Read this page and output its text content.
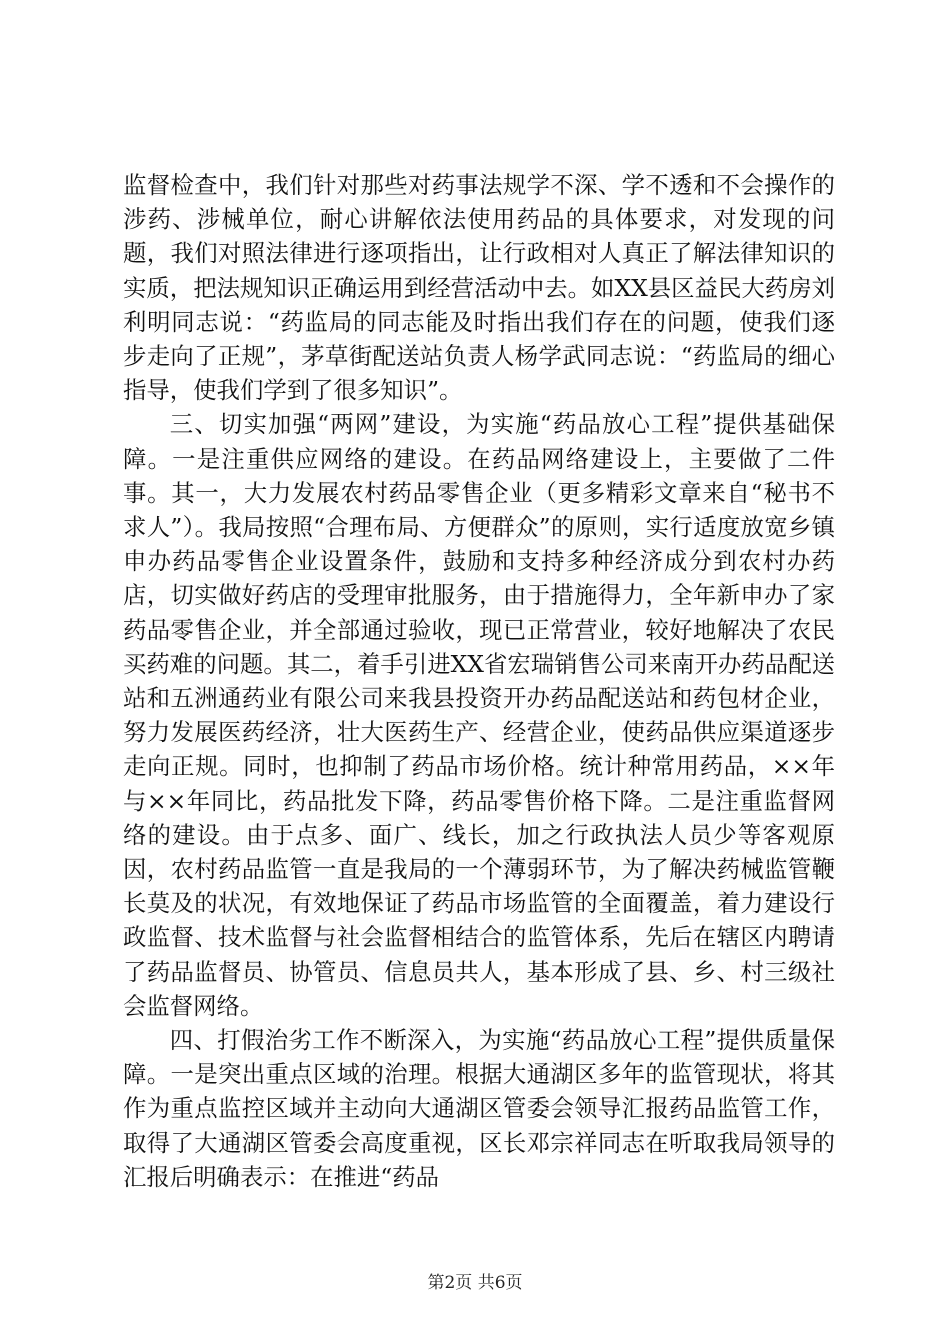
监督检查中，我们针对那些对药事法规学不深、学不透和不会操作的涉药、涉械单位，耐心讲解依法使用药品的具体要求，对发现的问题，我们对照法律进行逐项指出，让行政相对人真正了解法律知识的实质，把法规知识正确运用到经营活动中去。如XX县区益民大药房刘利明同志说：“药监局的同志能及时指出我们存在的问题，使我们逐步走向了正规”，茅草街配送站负责人杨学武同志说：“药监局的细心指导，使我们学到了很多知识”。

三、切实加强“两网”建设，为实施“药品放心工程”提供基础保障。一是注重供应网络的建设。在药品网络建设上，主要做了二件事。其一，大力发展农村药品零售企业（更多精彩文章来自“秘书不求人”）。我局按照“合理布局、方便群众”的原则，实行适度放宽乡镇申办药品零售企业设置条件，鼓励和支持多种经济成分到农村办药店，切实做好药店的受理审批服务，由于措施得力，全年新申办了家药品零售企业，并全部通过验收，现已正常营业，较好地解决了农民买药难的问题。其二，着手引进XX省宏瑞销售公司来南开办药品配送站和五洲通药业有限公司来我县投资开办药品配送站和药包材企业，努力发展医药经济，壮大医药生产、经营企业，使药品供应渠道逐步走向正规。同时，也抑制了药品市场价格。统计种常用药品，××年与××年同比，药品批发下降，药品零售价格下降。二是注重监督网络的建设。由于点多、面广、线长，加之行政执法人员少等客观原因，农村药品监管一直是我局的一个薄弱环节，为了解决药械监管鞭长莫及的状况，有效地保证了药品市场监管的全面覆盖，着力建设行政监督、技术监督与社会监督相结合的监管体系，先后在辖区内聘请了药品监督员、协管员、信息员共人，基本形成了县、乡、村三级社会监督网络。

四、打假治劣工作不断深入，为实施“药品放心工程”提供质量保障。一是突出重点区域的治理。根据大通湖区多年的监管现状，将其作为重点监控区域并主动向大通湖区管委会领导汇报药品监管工作，取得了大通湖区管委会高度重视，区长邓宗祥同志在听取我局领导的汇报后明确表示：在推进“药品

第2页 共6页
